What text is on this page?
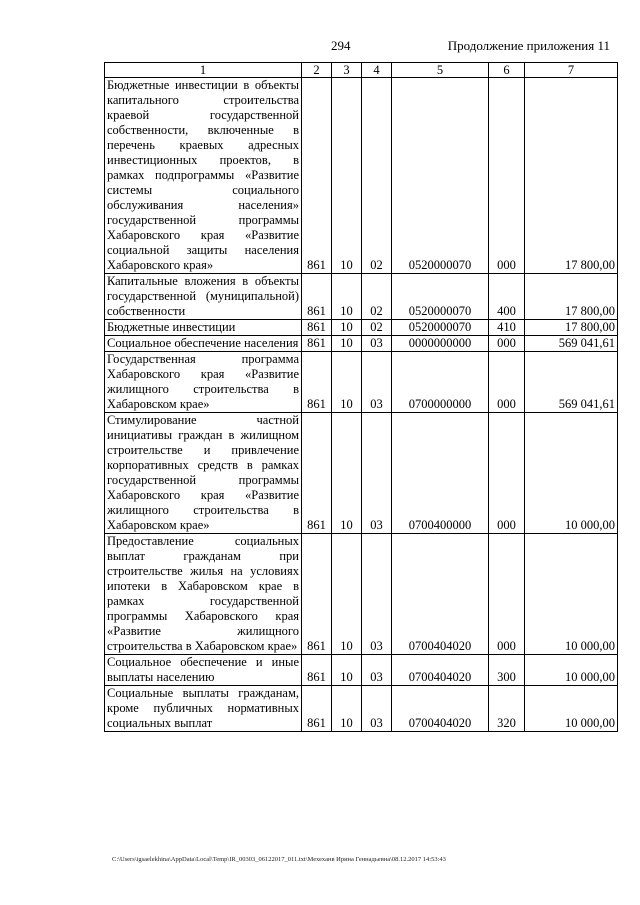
294	Продолжение приложения 11
1	2	3	4	5	6	7
Бюджетные инвестиции в объекты капитального строительства краевой государственной собственности, включенные в перечень краевых адресных инвестиционных проектов, в рамках подпрограммы «Развитие системы социального обслуживания населения» государственной программы Хабаровского края «Развитие социальной защиты населения Хабаровского края»	861	10	02	0520000070	000	17 800,00
Капитальные вложения в объекты государственной (муниципальной) собственности	861	10	02	0520000070	400	17 800,00
Бюджетные инвестиции	861	10	02	0520000070	410	17 800,00
Социальное обеспечение населения	861	10	03	0000000000	000	569 041,61
Государственная программа Хабаровского края «Развитие жилищного строительства в Хабаровском крае»	861	10	03	0700000000	000	569 041,61
Стимулирование частной инициативы граждан в жилищном строительстве и привлечение корпоративных средств в рамках государственной программы Хабаровского края «Развитие жилищного строительства в Хабаровском крае»	861	10	03	0700400000	000	10 000,00
Предоставление социальных выплат гражданам при строительстве жилья на условиях ипотеки в Хабаровском крае в рамках государственной программы Хабаровского края «Развитие жилищного строительства в Хабаровском крае»	861	10	03	0700404020	000	10 000,00
Социальное обеспечение и иные выплаты населению	861	10	03	0700404020	300	10 000,00
Социальные выплаты гражданам, кроме публичных нормативных социальных выплат	861	10	03	0700404020	320	10 000,00
C:\Users\igsaelekhina\AppData\Local\Temp\IR_00303_06122017_011.txt\Мехеханв Ирина Геннадьевна\08.12.2017 14:53:43
